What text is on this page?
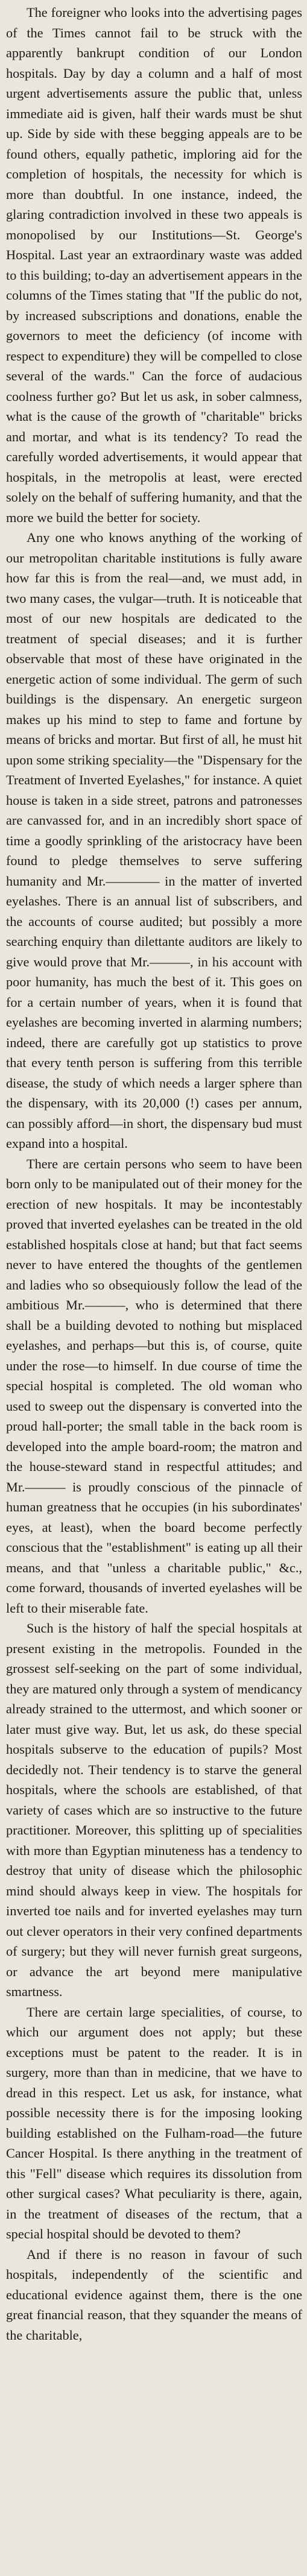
The foreigner who looks into the advertising pages of the Times cannot fail to be struck with the apparently bankrupt condition of our London hospitals. Day by day a column and a half of most urgent advertisements assure the public that, unless immediate aid is given, half their wards must be shut up. Side by side with these begging appeals are to be found others, equally pathetic, imploring aid for the completion of hospitals, the necessity for which is more than doubtful. In one instance, indeed, the glaring contradiction involved in these two appeals is monopolised by our Institutions—St. George's Hospital. Last year an extraordinary waste was added to this building; to-day an advertisement appears in the columns of the Times stating that "If the public do not, by increased subscriptions and donations, enable the governors to meet the deficiency (of income with respect to expenditure) they will be compelled to close several of the wards." Can the force of audacious coolness further go? But let us ask, in sober calmness, what is the cause of the growth of "charitable" bricks and mortar, and what is its tendency? To read the carefully worded advertisements, it would appear that hospitals, in the metropolis at least, were erected solely on the behalf of suffering humanity, and that the more we build the better for society.

Any one who knows anything of the working of our metropolitan charitable institutions is fully aware how far this is from the real—and, we must add, in two many cases, the vulgar—truth. It is noticeable that most of our new hospitals are dedicated to the treatment of special diseases; and it is further observable that most of these have originated in the energetic action of some individual. The germ of such buildings is the dispensary. An energetic surgeon makes up his mind to step to fame and fortune by means of bricks and mortar. But first of all, he must hit upon some striking speciality—the "Dispensary for the Treatment of Inverted Eyelashes," for instance. A quiet house is taken in a side street, patrons and patronesses are canvassed for, and in an incredibly short space of time a goodly sprinkling of the aristocracy have been found to pledge themselves to serve suffering humanity and Mr.———— in the matter of inverted eyelashes. There is an annual list of subscribers, and the accounts of course audited; but possibly a more searching enquiry than dilettante auditors are likely to give would prove that Mr.———, in his account with poor humanity, has much the best of it. This goes on for a certain number of years, when it is found that eyelashes are becoming inverted in alarming numbers; indeed, there are carefully got up statistics to prove that every tenth person is suffering from this terrible disease, the study of which needs a larger sphere than the dispensary, with its 20,000 (!) cases per annum, can possibly afford—in short, the dispensary bud must expand into a hospital.

There are certain persons who seem to have been born only to be manipulated out of their money for the erection of new hospitals. It may be incontestably proved that inverted eyelashes can be treated in the old established hospitals close at hand; but that fact seems never to have entered the thoughts of the gentlemen and ladies who so obsequiously follow the lead of the ambitious Mr.———, who is determined that there shall be a building devoted to nothing but misplaced eyelashes, and perhaps—but this is, of course, quite under the rose—to himself. In due course of time the special hospital is completed. The old woman who used to sweep out the dispensary is converted into the proud hall-porter; the small table in the back room is developed into the ample board-room; the matron and the house-steward stand in respectful attitudes; and Mr.——— is proudly conscious of the pinnacle of human greatness that he occupies (in his subordinates' eyes, at least), when the board become perfectly conscious that the "establishment" is eating up all their means, and that "unless a charitable public," &c., come forward, thousands of inverted eyelashes will be left to their miserable fate.

Such is the history of half the special hospitals at present existing in the metropolis. Founded in the grossest self-seeking on the part of some individual, they are matured only through a system of mendicancy already strained to the uttermost, and which sooner or later must give way. But, let us ask, do these special hospitals subserve to the education of pupils? Most decidedly not. Their tendency is to starve the general hospitals, where the schools are established, of that variety of cases which are so instructive to the future practitioner. Moreover, this splitting up of specialities with more than Egyptian minuteness has a tendency to destroy that unity of disease which the philosophic mind should always keep in view. The hospitals for inverted toe nails and for inverted eyelashes may turn out clever operators in their very confined departments of surgery; but they will never furnish great surgeons, or advance the art beyond mere manipulative smartness.

There are certain large specialities, of course, to which our argument does not apply; but these exceptions must be patent to the reader. It is in surgery, more than than in medicine, that we have to dread in this respect. Let us ask, for instance, what possible necessity there is for the imposing looking building established on the Fulham-road—the future Cancer Hospital. Is there anything in the treatment of this "Fell" disease which requires its dissolution from other surgical cases? What peculiarity is there, again, in the treatment of diseases of the rectum, that a special hospital should be devoted to them?

And if there is no reason in favour of such hospitals, independently of the scientific and educational evidence against them, there is the one great financial reason, that they squander the means of the charitable,
